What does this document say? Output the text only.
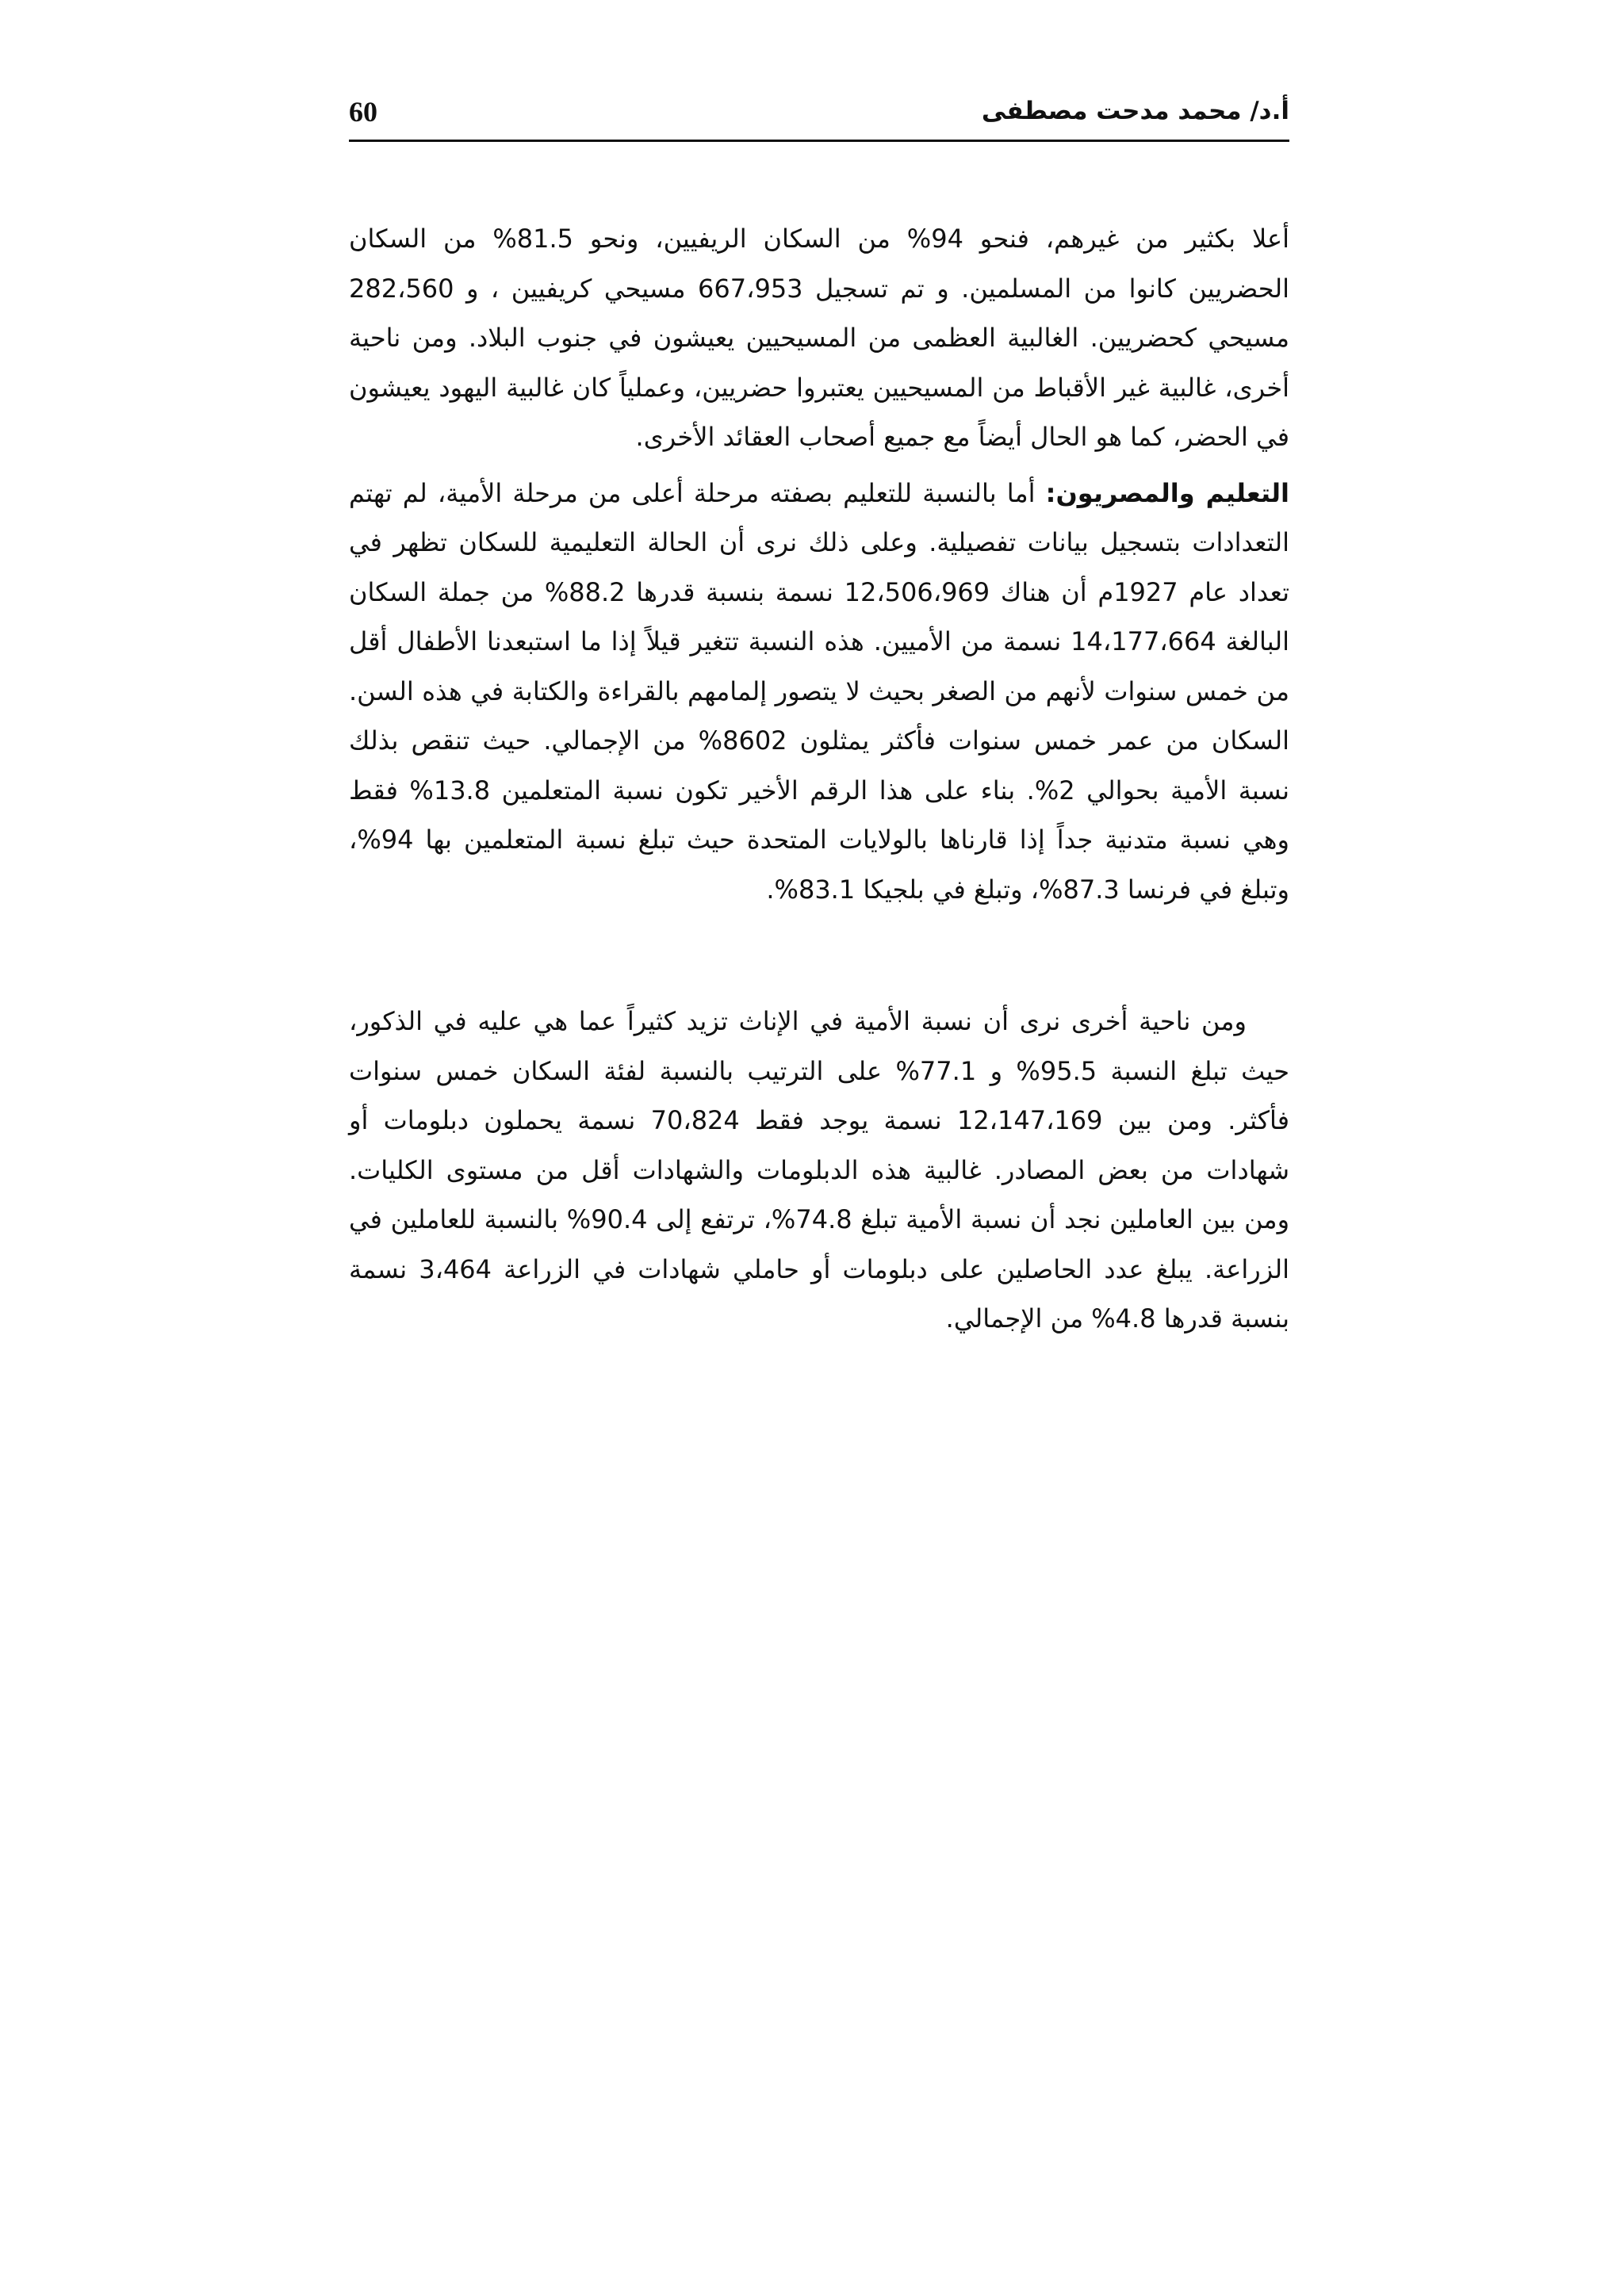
60	أ.د/ محمد مدحت مصطفى

أعلا بكثير من غيرهم، فنحو 94% من السكان الريفيين، ونحو 81.5% من السكان الحضريين كانوا من المسلمين. و تم تسجيل 667،953 مسيحي كريفيين ، و 282،560 مسيحي كحضريين. الغالبية العظمى من المسيحيين يعيشون في جنوب البلاد. ومن ناحية أخرى، غالبية غير الأقباط من المسيحيين يعتبروا حضريين، وعملياً كان غالبية اليهود يعيشون في الحضر، كما هو الحال أيضاً مع جميع أصحاب العقائد الأخرى.

التعليم والمصريون: أما بالنسبة للتعليم بصفته مرحلة أعلى من مرحلة الأمية، لم تهتم التعدادات بتسجيل بيانات تفصيلية. وعلى ذلك نرى أن الحالة التعليمية للسكان تظهر في تعداد عام 1927م أن هناك 12،506،969 نسمة بنسبة قدرها 88.2% من جملة السكان البالغة 14،177،664 نسمة من الأميين. هذه النسبة تتغير قيلاً إذا ما استبعدنا الأطفال أقل من خمس سنوات لأنهم من الصغر بحيث لا يتصور إلمامهم بالقراءة والكتابة في هذه السن. السكان من عمر خمس سنوات فأكثر يمثلون 8602% من الإجمالي. حيث تنقص بذلك نسبة الأمية بحوالي 2%. بناء على هذا الرقم الأخير تكون نسبة المتعلمين 13.8% فقط وهي نسبة متدنية جداً إذا قارناها بالولايات المتحدة حيث تبلغ نسبة المتعلمين بها 94%، وتبلغ في فرنسا 87.3%، وتبلغ في بلجيكا 83.1%.

ومن ناحية أخرى نرى أن نسبة الأمية في الإناث تزيد كثيراً عما هي عليه في الذكور، حيث تبلغ النسبة 95.5% و 77.1% على الترتيب بالنسبة لفئة السكان خمس سنوات فأكثر. ومن بين 12،147،169 نسمة يوجد فقط 70،824 نسمة يحملون دبلومات أو شهادات من بعض المصادر. غالبية هذه الدبلومات والشهادات أقل من مستوى الكليات. ومن بين العاملين نجد أن نسبة الأمية تبلغ 74.8%، ترتفع إلى 90.4% بالنسبة للعاملين في الزراعة. يبلغ عدد الحاصلين على دبلومات أو حاملي شهادات في الزراعة 3،464 نسمة بنسبة قدرها 4.8% من الإجمالي.
